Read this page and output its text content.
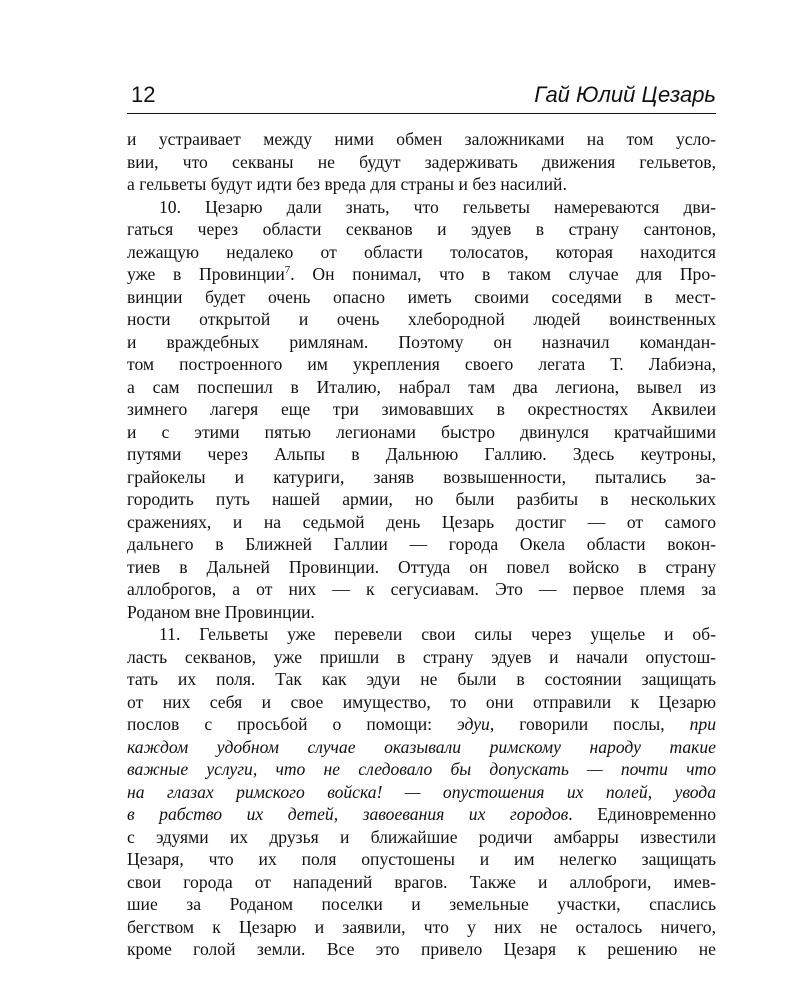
12	Гай Юлий Цезарь
и устраивает между ними обмен заложниками на том усло-
вии, что секваны не будут задерживать движения гельветов,
а гельветы будут идти без вреда для страны и без насилий.
10. Цезарю дали знать, что гельветы намереваются дви-
гаться через области секванов и эдуев в страну сантонов,
лежащую недалеко от области толосатов, которая находится
уже в Провинции$^7$. Он понимал, что в таком случае для Про-
винции будет очень опасно иметь своими соседями в мест-
ности открытой и очень хлебородной людей воинственных
и враждебных римлянам. Поэтому он назначил командан-
том построенного им укрепления своего легата Т. Лабиэна,
а сам поспешил в Италию, набрал там два легиона, вывел из
зимнего лагеря еще три зимовавших в окрестностях Аквилеи
и с этими пятью легионами быстро двинулся кратчайшими
путями через Альпы в Дальнюю Галлию. Здесь кеутроны,
грайокелы и катуриги, заняв возвышенности, пытались за-
городить путь нашей армии, но были разбиты в нескольких
сражениях, и на седьмой день Цезарь достиг — от самого
дальнего в Ближней Галлии — города Окела области вокон-
тиев в Дальней Провинции. Оттуда он повел войско в страну
аллоброгов, а от них — к сегусиавам. Это — первое племя за
Роданом вне Провинции.
11. Гельветы уже перевели свои силы через ущелье и об-
ласть секванов, уже пришли в страну эдуев и начали опустош-
тать их поля. Так как эдуи не были в состоянии защищать
от них себя и свое имущество, то они отправили к Цезарю
послов с просьбой о помощи: эдуи, говорили послы, при
каждом удобном случае оказывали римскому народу такие
важные услуги, что не следовало бы допускать — почти что
на глазах римского войска! — опустошения их полей, увода
в рабство их детей, завоевания их городов. Единовременно
с эдуями их друзья и ближайшие родичи амбарры известили
Цезаря, что их поля опустошены и им нелегко защищать
свои города от нападений врагов. Также и аллоброги, имев-
шие за Роданом поселки и земельные участки, спаслись
бегством к Цезарю и заявили, что у них не осталось ничего,
кроме голой земли. Все это привело Цезаря к решению не
